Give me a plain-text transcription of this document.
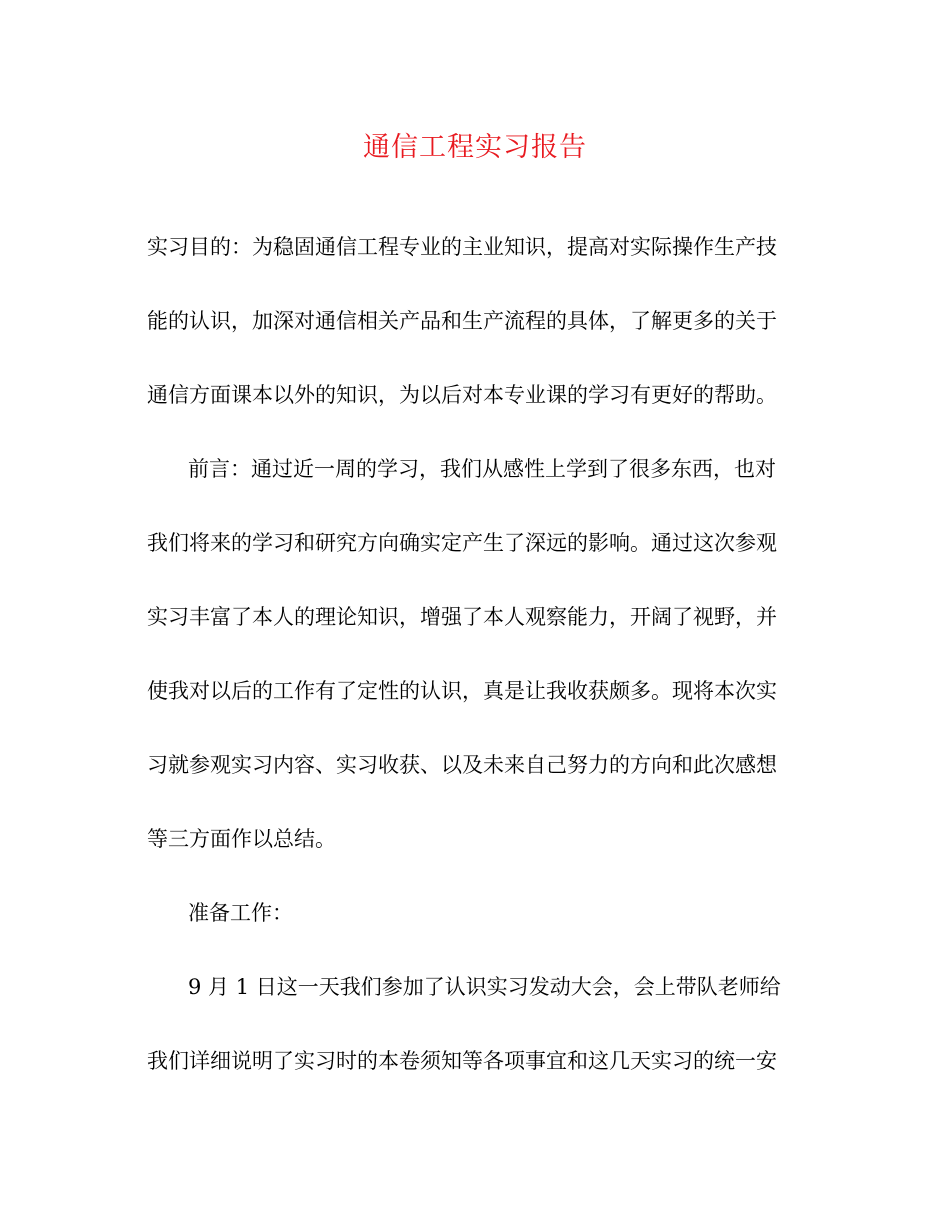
通信工程实习报告
实习目的：为稳固通信工程专业的主业知识，提高对实际操作生产技
能的认识，加深对通信相关产品和生产流程的具体，了解更多的关于
通信方面课本以外的知识，为以后对本专业课的学习有更好的帮助。
前言：通过近一周的学习，我们从感性上学到了很多东西，也对
我们将来的学习和研究方向确实定产生了深远的影响。通过这次参观
实习丰富了本人的理论知识，增强了本人观察能力，开阔了视野，并
使我对以后的工作有了定性的认识，真是让我收获颇多。现将本次实
习就参观实习内容、实习收获、以及未来自己努力的方向和此次感想
等三方面作以总结。
准备工作：
9 月 1 日这一天我们参加了认识实习发动大会，会上带队老师给
我们详细说明了实习时的本卷须知等各项事宜和这几天实习的统一安
